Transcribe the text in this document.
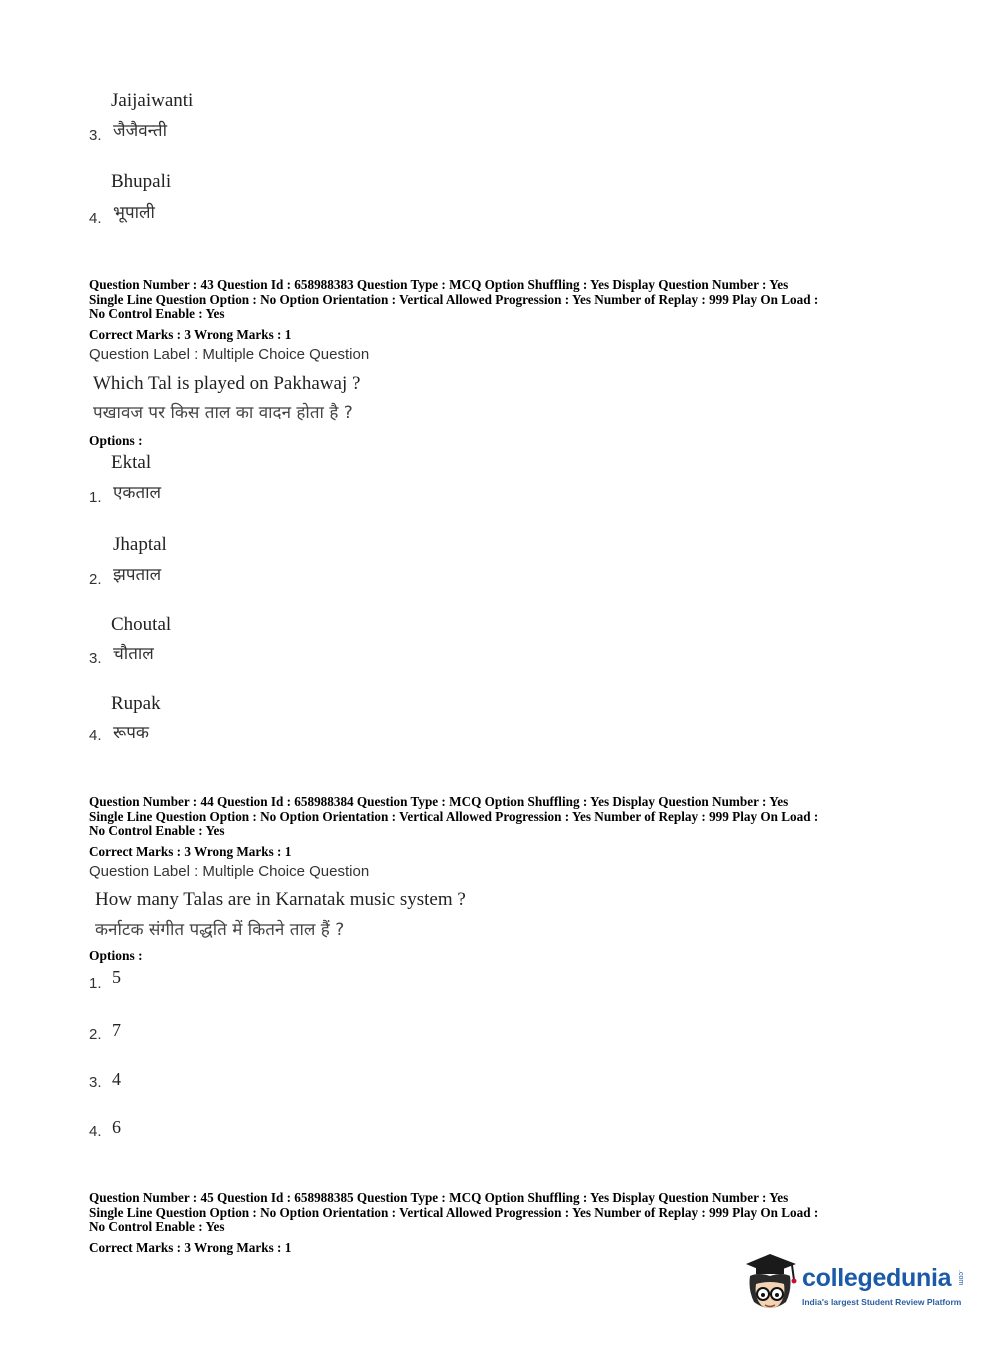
Jaijaiwanti
3. जैजैवन्ती
Bhupali
4. भूपाली
Question Number : 43 Question Id : 658988383 Question Type : MCQ Option Shuffling : Yes Display Question Number : Yes
Single Line Question Option : No Option Orientation : Vertical Allowed Progression : Yes Number of Replay : 999 Play On Load :
No Control Enable : Yes
Correct Marks : 3 Wrong Marks : 1
Question Label : Multiple Choice Question
Which Tal is played on Pakhawaj ?
पखावज पर किस ताल का वादन होता है ?
Options :
Ektal
1. एकताल
Jhaptal
2. झपताल
Choutal
3. चौताल
Rupak
4. रूपक
Question Number : 44 Question Id : 658988384 Question Type : MCQ Option Shuffling : Yes Display Question Number : Yes
Single Line Question Option : No Option Orientation : Vertical Allowed Progression : Yes Number of Replay : 999 Play On Load :
No Control Enable : Yes
Correct Marks : 3 Wrong Marks : 1
Question Label : Multiple Choice Question
How many Talas are in Karnatak music system ?
कर्नाटक संगीत पद्धति में कितने ताल हैं ?
Options :
1. 5
2. 7
3. 4
4. 6
Question Number : 45 Question Id : 658988385 Question Type : MCQ Option Shuffling : Yes Display Question Number : Yes
Single Line Question Option : No Option Orientation : Vertical Allowed Progression : Yes Number of Replay : 999 Play On Load :
No Control Enable : Yes
Correct Marks : 3 Wrong Marks : 1
collegedunia .com
India's largest Student Review Platform
